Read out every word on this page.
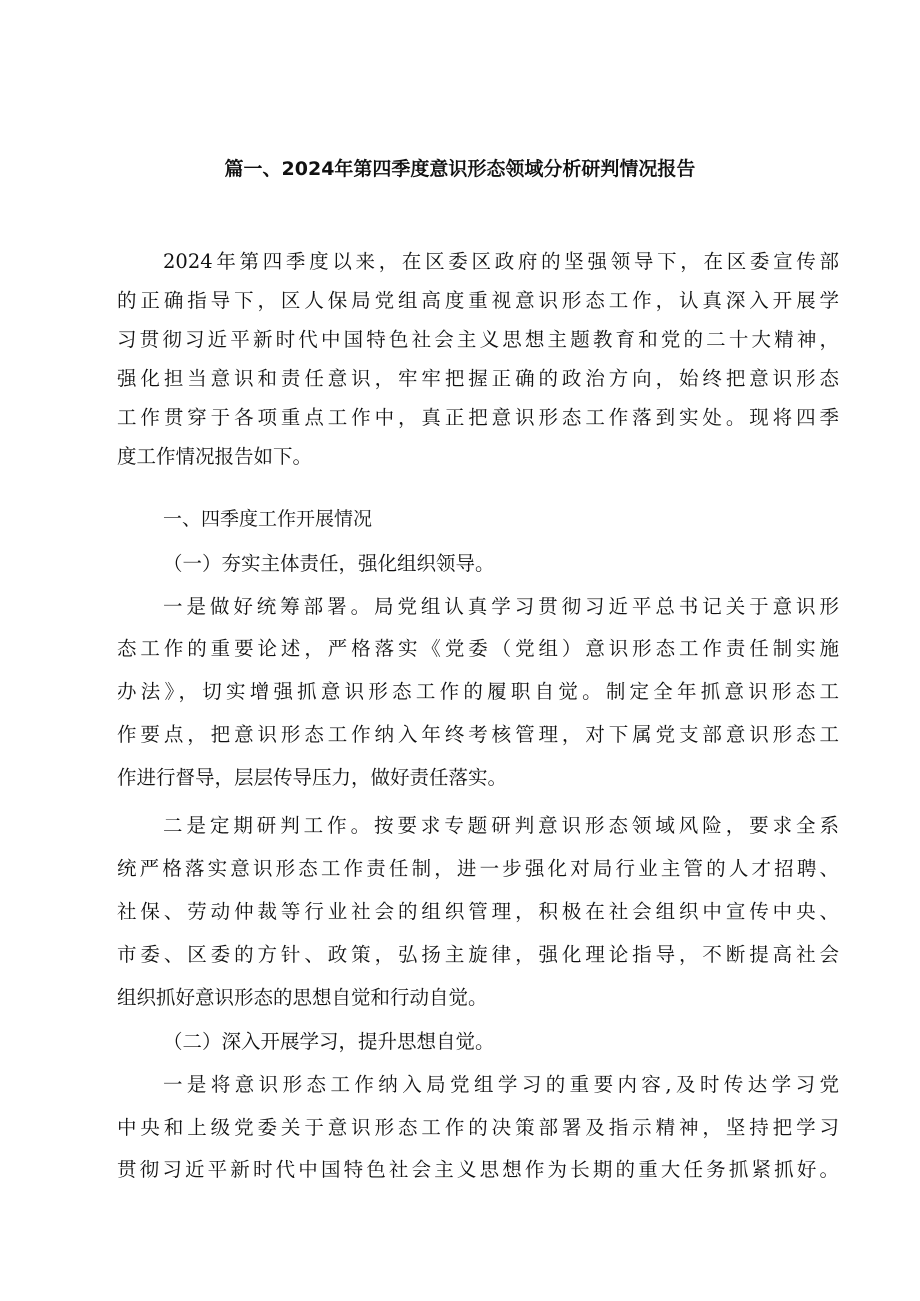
篇一、2024年第四季度意识形态领域分析研判情况报告
2024年第四季度以来，在区委区政府的坚强领导下，在区委宣传部
的正确指导下，区人保局党组高度重视意识形态工作，认真深入开展学
习贯彻习近平新时代中国特色社会主义思想主题教育和党的二十大精神，
强化担当意识和责任意识，牢牢把握正确的政治方向，始终把意识形态
工作贯穿于各项重点工作中，真正把意识形态工作落到实处。现将四季
度工作情况报告如下。
一、四季度工作开展情况
（一）夯实主体责任，强化组织领导。
一是做好统筹部署。局党组认真学习贯彻习近平总书记关于意识形
态工作的重要论述，严格落实《党委（党组）意识形态工作责任制实施
办法》，切实增强抓意识形态工作的履职自觉。制定全年抓意识形态工
作要点，把意识形态工作纳入年终考核管理，对下属党支部意识形态工
作进行督导，层层传导压力，做好责任落实。
二是定期研判工作。按要求专题研判意识形态领域风险，要求全系
统严格落实意识形态工作责任制，进一步强化对局行业主管的人才招聘、
社保、劳动仲裁等行业社会的组织管理，积极在社会组织中宣传中央、
市委、区委的方针、政策，弘扬主旋律，强化理论指导，不断提高社会
组织抓好意识形态的思想自觉和行动自觉。
（二）深入开展学习，提升思想自觉。
一是将意识形态工作纳入局党组学习的重要内容,及时传达学习党
中央和上级党委关于意识形态工作的决策部署及指示精神，坚持把学习
贯彻习近平新时代中国特色社会主义思想作为长期的重大任务抓紧抓好。
